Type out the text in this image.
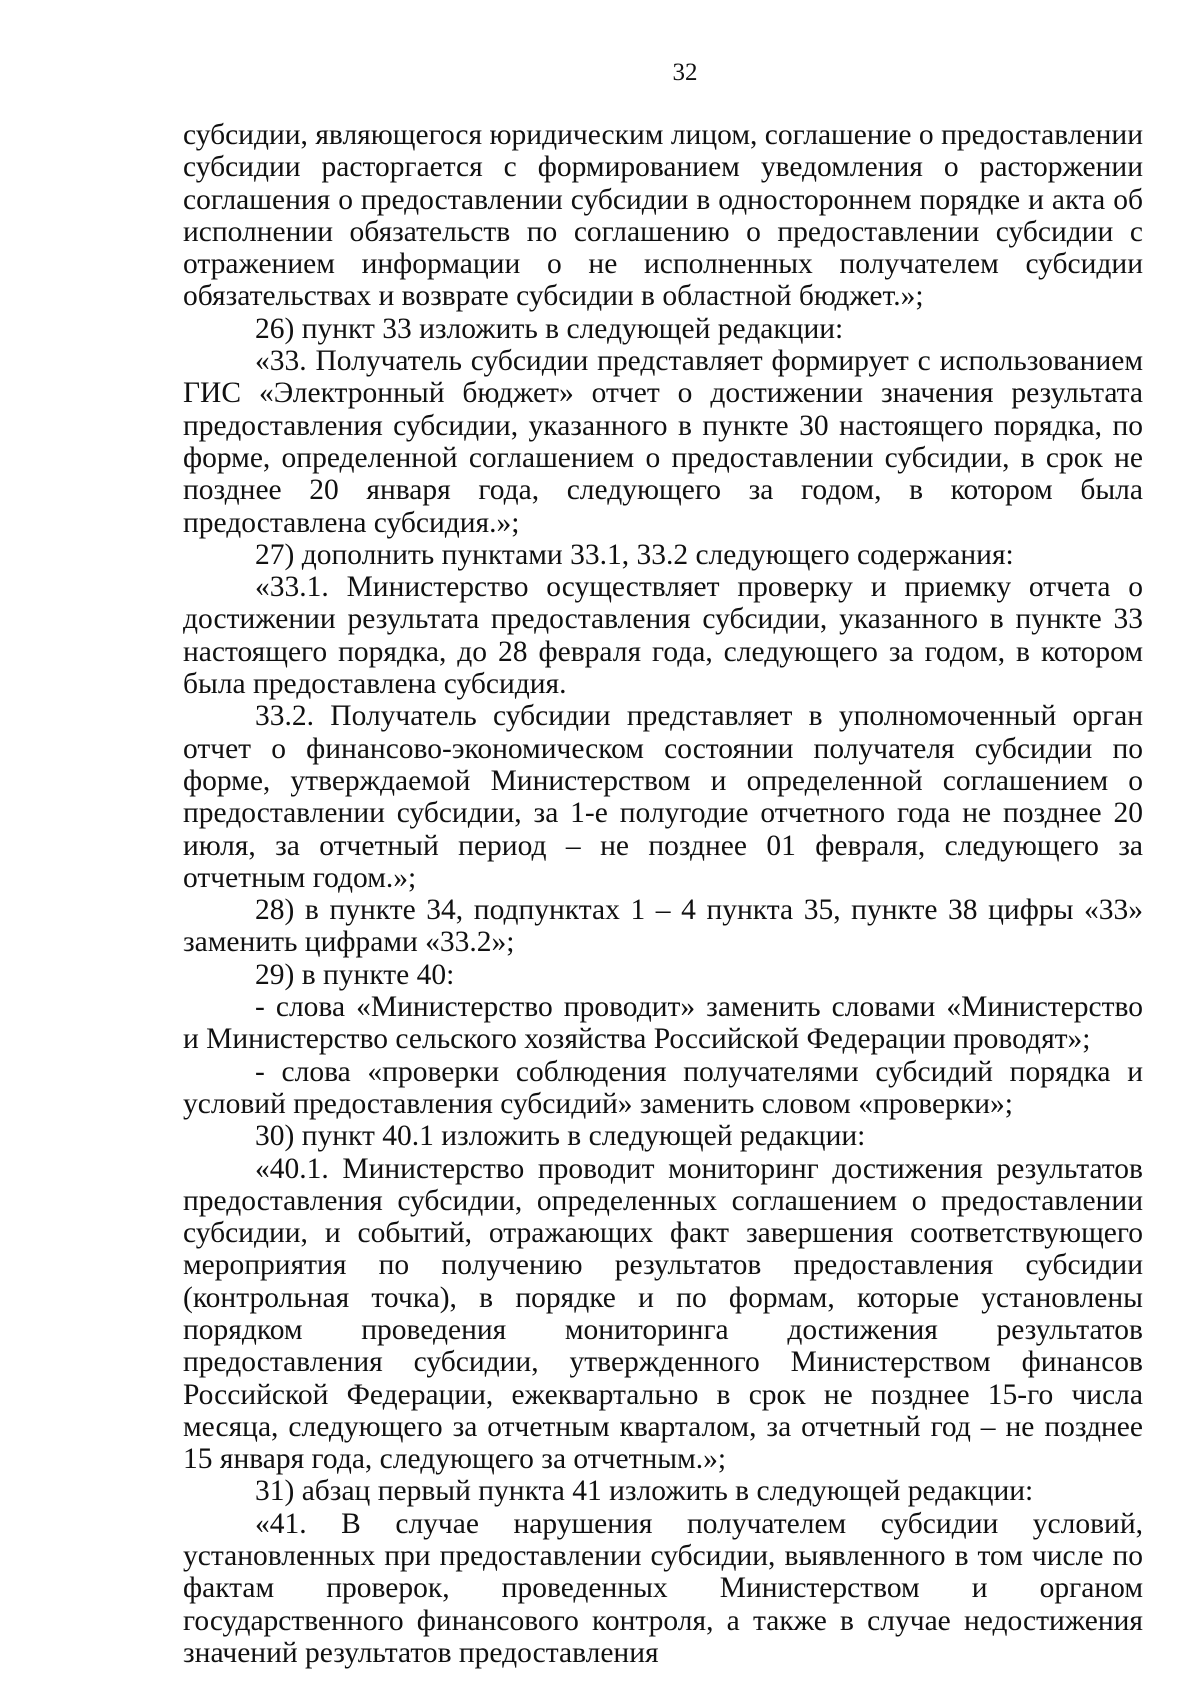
32

субсидии, являющегося юридическим лицом, соглашение о предоставлении субсидии расторгается с формированием уведомления о расторжении соглашения о предоставлении субсидии в одностороннем порядке и акта об исполнении обязательств по соглашению о предоставлении субсидии с отражением информации о не исполненных получателем субсидии обязательствах и возврате субсидии в областной бюджет.»;

26) пункт 33 изложить в следующей редакции:

«33. Получатель субсидии представляет формирует с использованием ГИС «Электронный бюджет» отчет о достижении значения результата предоставления субсидии, указанного в пункте 30 настоящего порядка, по форме, определенной соглашением о предоставлении субсидии, в срок не позднее 20 января года, следующего за годом, в котором была предоставлена субсидия.»;

27) дополнить пунктами 33.1, 33.2 следующего содержания:

«33.1. Министерство осуществляет проверку и приемку отчета о достижении результата предоставления субсидии, указанного в пункте 33 настоящего порядка, до 28 февраля года, следующего за годом, в котором была предоставлена субсидия.

33.2. Получатель субсидии представляет в уполномоченный орган отчет о финансово-экономическом состоянии получателя субсидии по форме, утверждаемой Министерством и определенной соглашением о предоставлении субсидии, за 1-е полугодие отчетного года не позднее 20 июля, за отчетный период – не позднее 01 февраля, следующего за отчетным годом.»;

28) в пункте 34, подпунктах 1 – 4 пункта 35, пункте 38 цифры «33» заменить цифрами «33.2»;

29) в пункте 40:

- слова «Министерство проводит» заменить словами «Министерство и Министерство сельского хозяйства Российской Федерации проводят»;

- слова «проверки соблюдения получателями субсидий порядка и условий предоставления субсидий» заменить словом «проверки»;

30) пункт 40.1 изложить в следующей редакции:

«40.1. Министерство проводит мониторинг достижения результатов предоставления субсидии, определенных соглашением о предоставлении субсидии, и событий, отражающих факт завершения соответствующего мероприятия по получению результатов предоставления субсидии (контрольная точка), в порядке и по формам, которые установлены порядком проведения мониторинга достижения результатов предоставления субсидии, утвержденного Министерством финансов Российской Федерации, ежеквартально в срок не позднее 15-го числа месяца, следующего за отчетным кварталом, за отчетный год – не позднее 15 января года, следующего за отчетным.»;

31) абзац первый пункта 41 изложить в следующей редакции:

«41. В случае нарушения получателем субсидии условий, установленных при предоставлении субсидии, выявленного в том числе по фактам проверок, проведенных Министерством и органом государственного финансового контроля, а также в случае недостижения значений результатов предоставления
